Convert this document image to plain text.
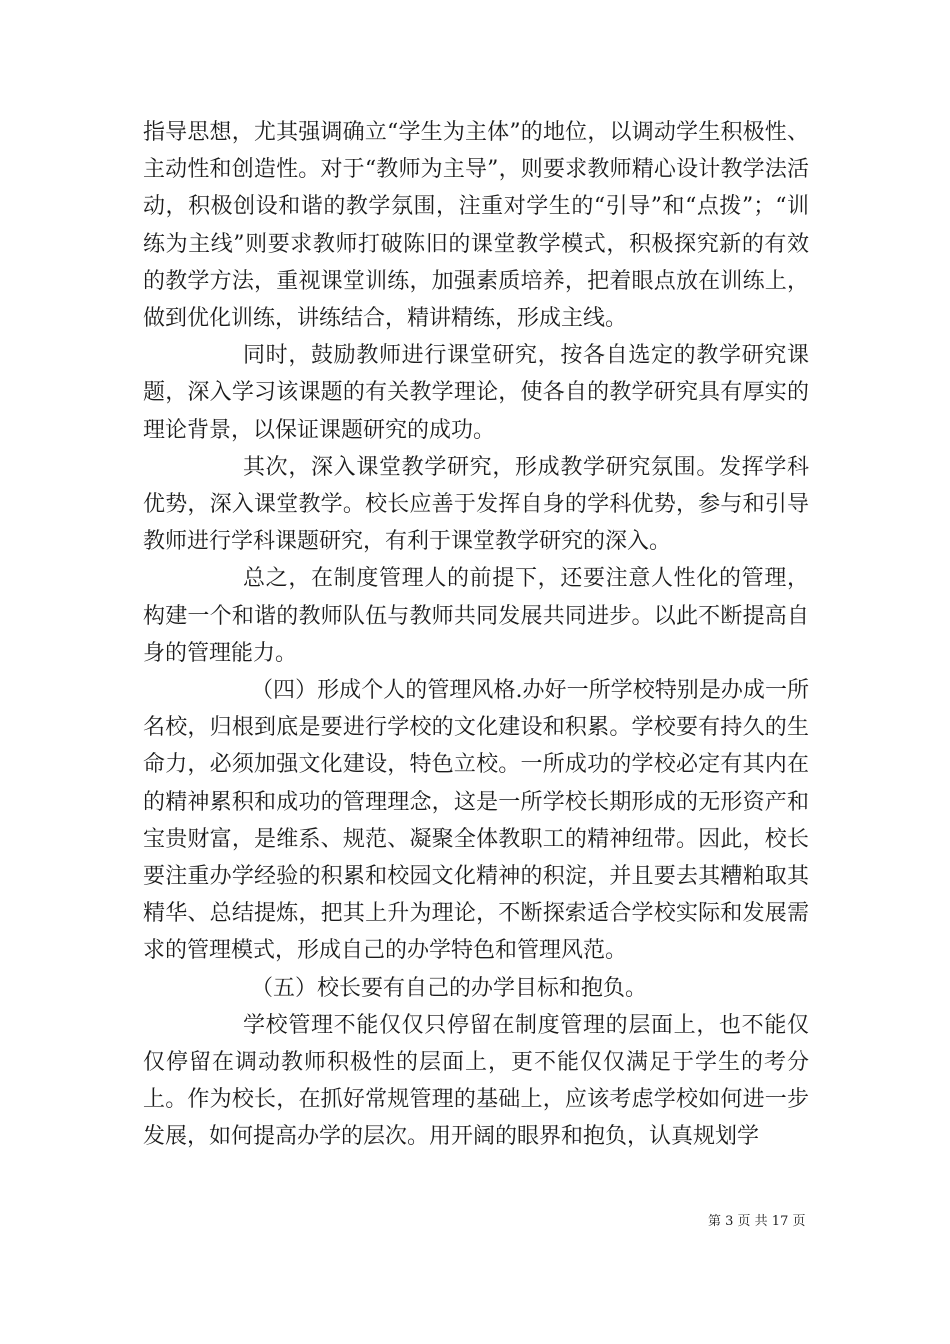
指导思想，尤其强调确立“学生为主体”的地位，以调动学生积极性、主动性和创造性。对于“教师为主导”，则要求教师精心设计教学法活动，积极创设和谐的教学氛围，注重对学生的“引导”和“点拨”；“训练为主线”则要求教师打破陈旧的课堂教学模式，积极探究新的有效的教学方法，重视课堂训练，加强素质培养，把着眼点放在训练上，做到优化训练，讲练结合，精讲精练，形成主线。

同时，鼓励教师进行课堂研究，按各自选定的教学研究课题，深入学习该课题的有关教学理论，使各自的教学研究具有厚实的理论背景，以保证课题研究的成功。

其次，深入课堂教学研究，形成教学研究氛围。发挥学科优势，深入课堂教学。校长应善于发挥自身的学科优势，参与和引导教师进行学科课题研究，有利于课堂教学研究的深入。

总之，在制度管理人的前提下，还要注意人性化的管理，构建一个和谐的教师队伍与教师共同发展共同进步。以此不断提高自身的管理能力。

（四）形成个人的管理风格.办好一所学校特别是办成一所名校，归根到底是要进行学校的文化建设和积累。学校要有持久的生命力，必须加强文化建设，特色立校。一所成功的学校必定有其内在的精神累积和成功的管理理念，这是一所学校长期形成的无形资产和宝贵财富，是维系、规范、凝聚全体教职工的精神纽带。因此，校长要注重办学经验的积累和校园文化精神的积淀，并且要去其糟粕取其精华、总结提炼，把其上升为理论，不断探索适合学校实际和发展需求的管理模式，形成自己的办学特色和管理风范。

（五）校长要有自己的办学目标和抱负。

学校管理不能仅仅只停留在制度管理的层面上，也不能仅仅停留在调动教师积极性的层面上，更不能仅仅满足于学生的考分上。作为校长，在抓好常规管理的基础上，应该考虑学校如何进一步发展，如何提高办学的层次。用开阔的眼界和抱负，认真规划学

第 3 页 共 17 页
